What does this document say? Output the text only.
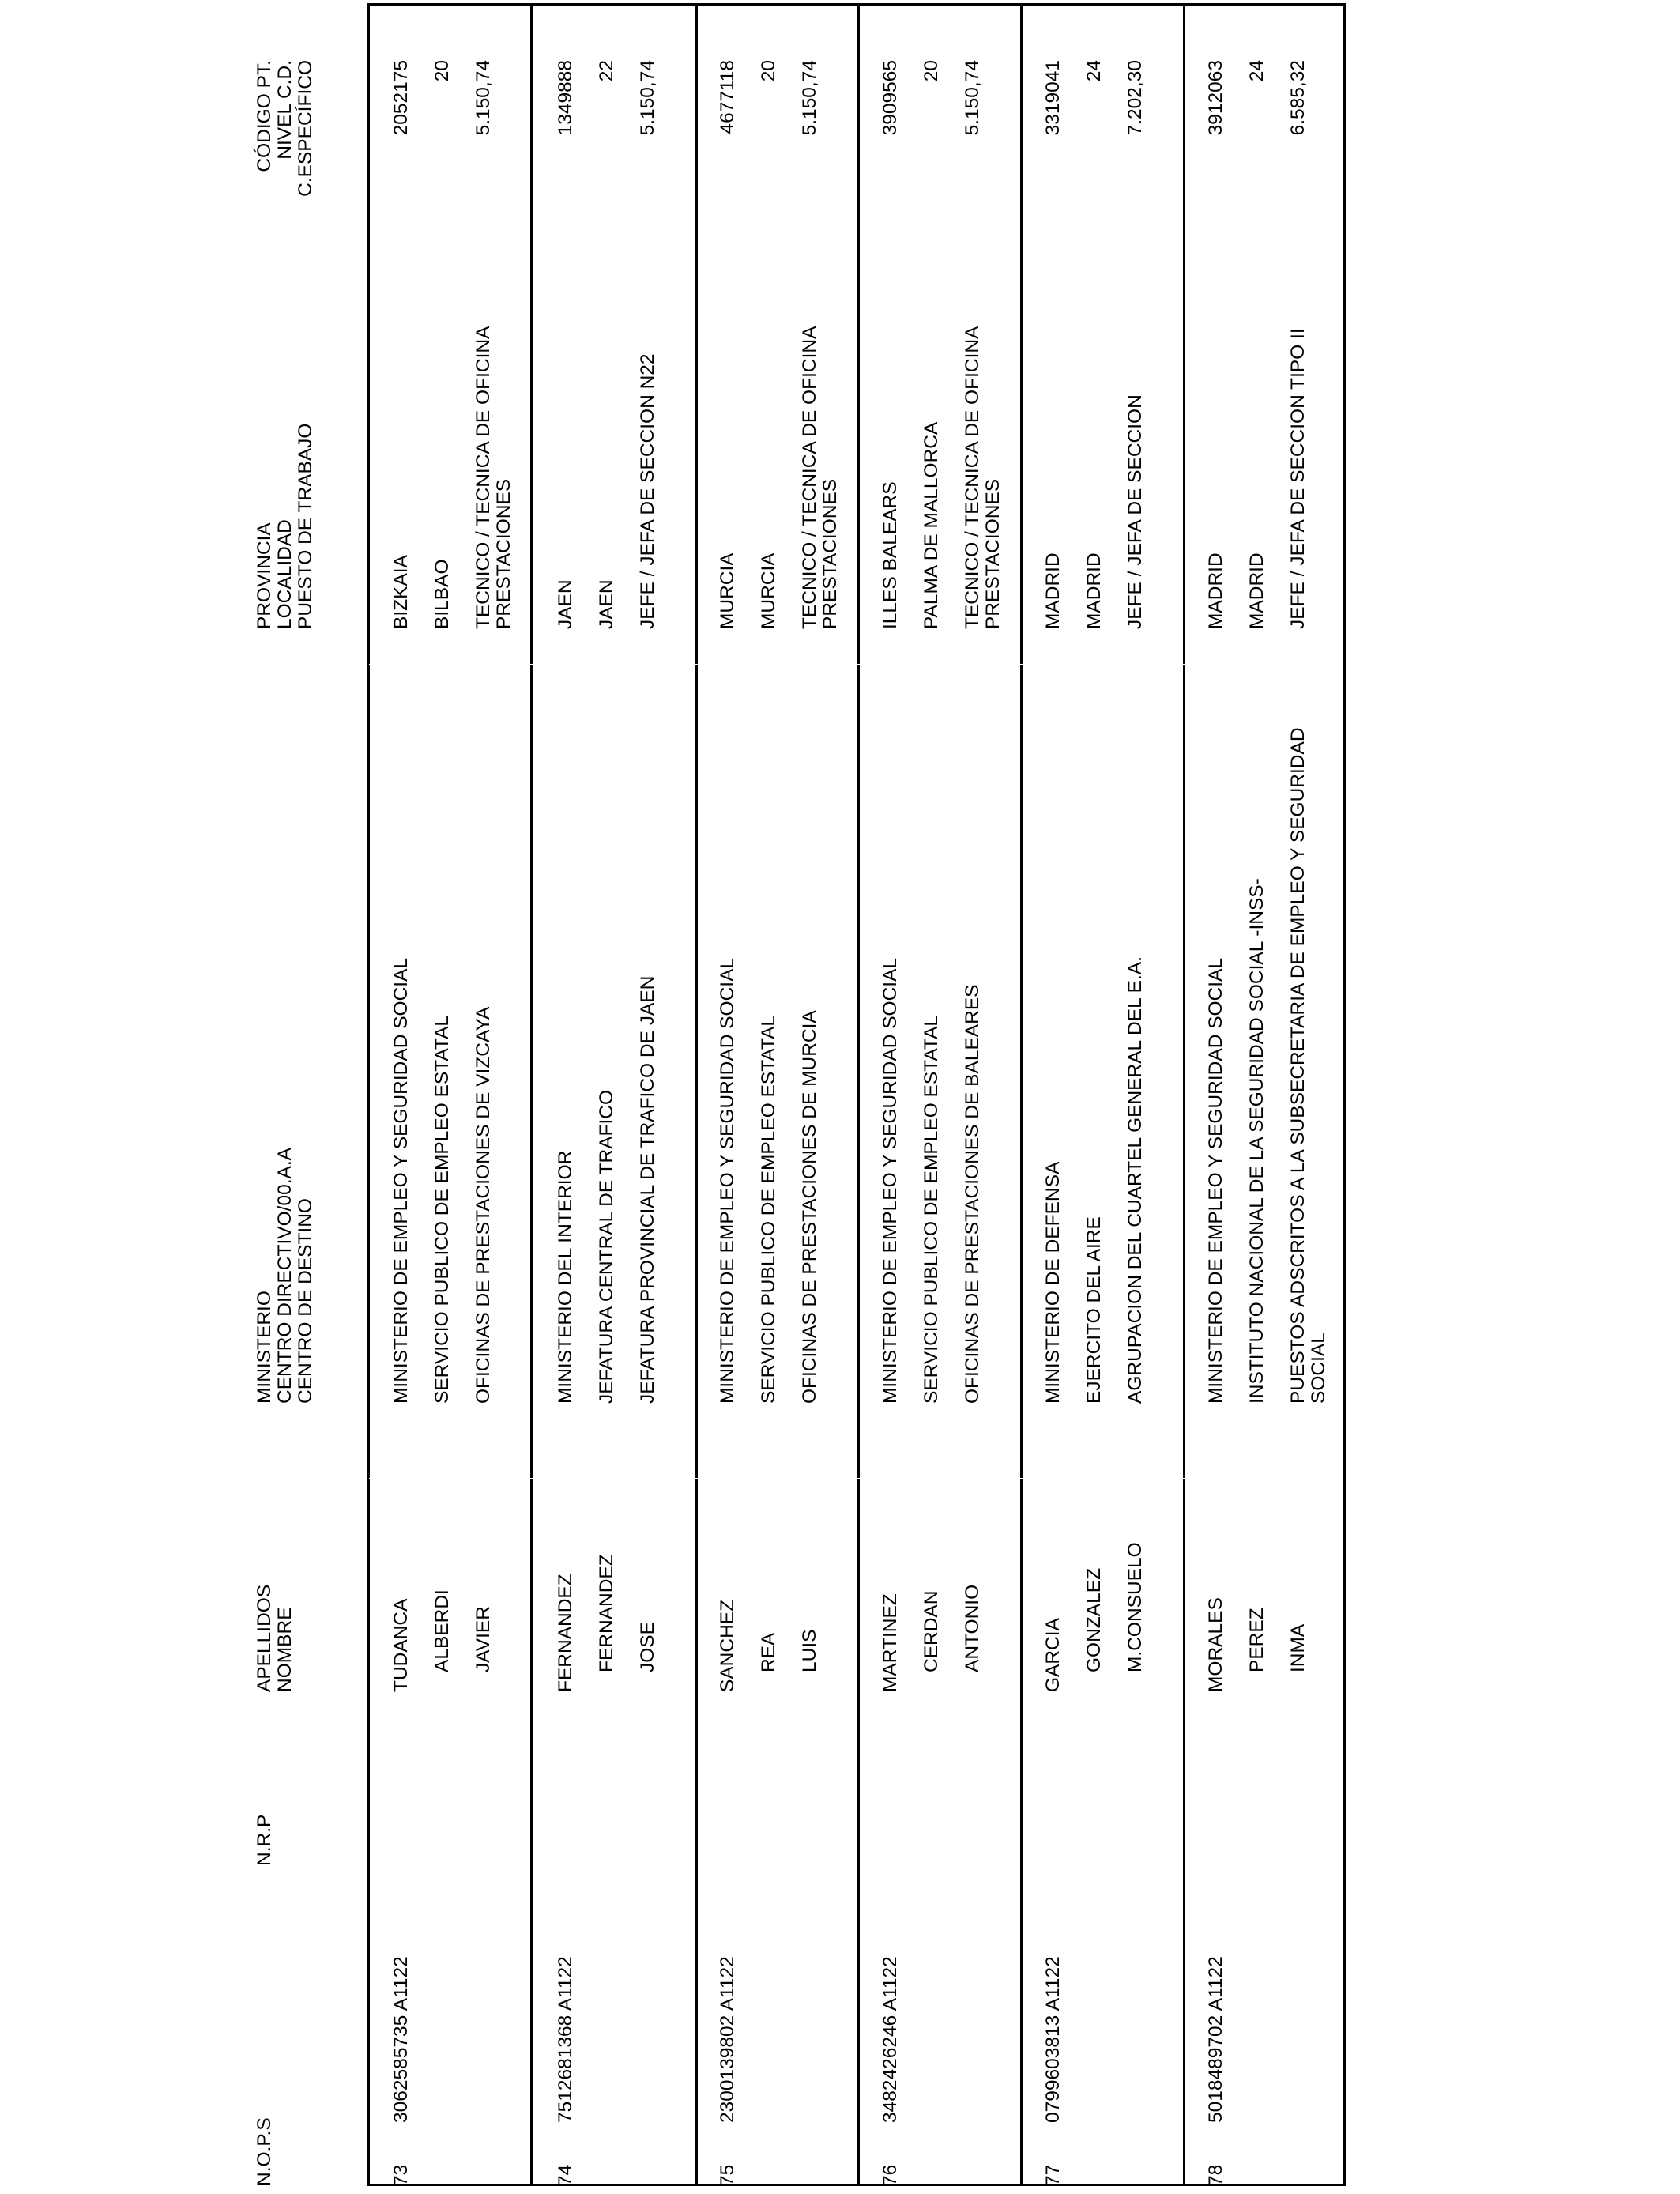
N.O.P.S
N.R.P
APELLIDOS NOMBRE
MINISTERIO CENTRO DIRECTIVO/00.A.A CENTRO DE DESTINO
PROVINCIA LOCALIDAD PUESTO DE TRABAJO
CÓDIGO PT. NIVEL C.D. C.ESPECÍFICO
73
3062585735 A1122
TUDANCA ALBERDI JAVIER
MINISTERIO DE EMPLEO Y SEGURIDAD SOCIAL SERVICIO PUBLICO DE EMPLEO ESTATAL OFICINAS DE PRESTACIONES DE VIZCAYA
BIZKAIA BILBAO TECNICO / TECNICA DE OFICINA PRESTACIONES
2052175 20 5.150,74
74
7512681368 A1122
FERNANDEZ FERNANDEZ JOSE
MINISTERIO DEL INTERIOR JEFATURA CENTRAL DE TRAFICO JEFATURA PROVINCIAL DE TRAFICO DE JAEN
JAEN JAEN JEFE / JEFA DE SECCION N22
1349888 22 5.150,74
75
2300139802 A1122
SANCHEZ REA LUIS
MINISTERIO DE EMPLEO Y SEGURIDAD SOCIAL SERVICIO PUBLICO DE EMPLEO ESTATAL OFICINAS DE PRESTACIONES DE MURCIA
MURCIA MURCIA TECNICO / TECNICA DE OFICINA PRESTACIONES
4677118 20 5.150,74
76
3482426246 A1122
MARTINEZ CERDAN ANTONIO
MINISTERIO DE EMPLEO Y SEGURIDAD SOCIAL SERVICIO PUBLICO DE EMPLEO ESTATAL OFICINAS DE PRESTACIONES DE BALEARES
ILLES BALEARS PALMA DE MALLORCA TECNICO / TECNICA DE OFICINA PRESTACIONES
3909565 20 5.150,74
77
0799603813 A1122
GARCIA GONZALEZ M.CONSUELO
MINISTERIO DE DEFENSA EJERCITO DEL AIRE AGRUPACION DEL CUARTEL GENERAL DEL E.A.
MADRID MADRID JEFE / JEFA DE SECCION
3319041 24 7.202,30
78
5018489702 A1122
MORALES PEREZ INMA
MINISTERIO DE EMPLEO Y SEGURIDAD SOCIAL INSTITUTO NACIONAL DE LA SEGURIDAD SOCIAL -INSS- PUESTOS ADSCRITOS A LA SUBSECRETARIA DE EMPLEO Y SEGURIDAD SOCIAL
MADRID MADRID JEFE / JEFA DE SECCION TIPO II
3912063 24 6.585,32
